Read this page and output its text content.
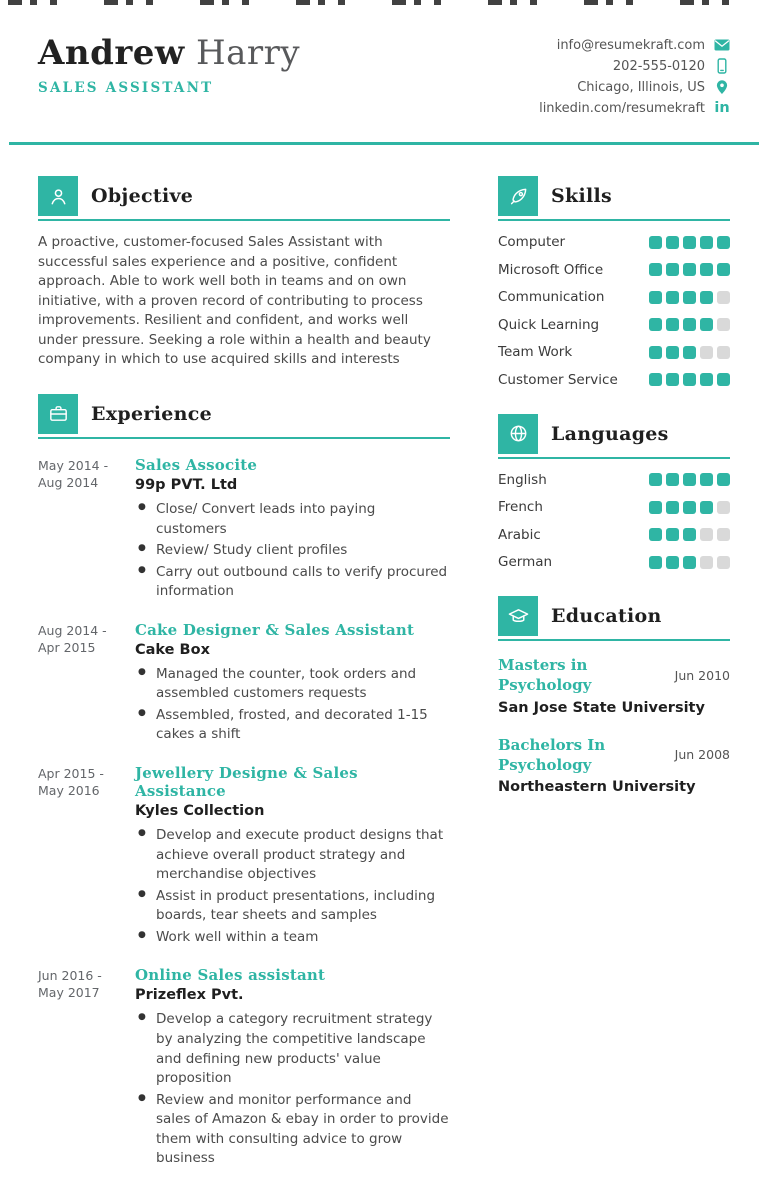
Andrew Harry
SALES ASSISTANT
info@resumekraft.com
202-555-0120
Chicago, Illinois, US
linkedin.com/resumekraft in
Objective

A proactive, customer-focused Sales Assistant with successful sales experience and a positive, confident approach. Able to work well both in teams and on own initiative, with a proven record of contributing to process improvements. Resilient and confident, and works well under pressure. Seeking a role within a health and beauty company in which to use acquired skills and interests

Experience
May 2014 -
Aug 2014
Sales Associte
99p PVT. Ltd
● Close/ Convert leads into paying customers
● Review/ Study client profiles
● Carry out outbound calls to verify procured information
Aug 2014 -
Apr 2015
Cake Designer & Sales Assistant
Cake Box
● Managed the counter, took orders and assembled customers requests
● Assembled, frosted, and decorated 1-15 cakes a shift
Apr 2015 -
May 2016
Jewellery Designe & Sales Assistance
Kyles Collection
● Develop and execute product designs that achieve overall product strategy and merchandise objectives
● Assist in product presentations, including boards, tear sheets and samples
● Work well within a team
Jun 2016 -
May 2017
Online Sales assistant
Prizeflex Pvt.
● Develop a category recruitment strategy by analyzing the competitive landscape and defining new products' value proposition
● Review and monitor performance and sales of Amazon & ebay in order to provide them with consulting advice to grow business
Skills
Computer
Microsoft Office
Communication
Quick Learning
Team Work
Customer Service
Languages
English
French
Arabic
German
Education
Masters in Psychology
Jun 2010
San Jose State University
Bachelors In Psychology
Jun 2008
Northeastern University
